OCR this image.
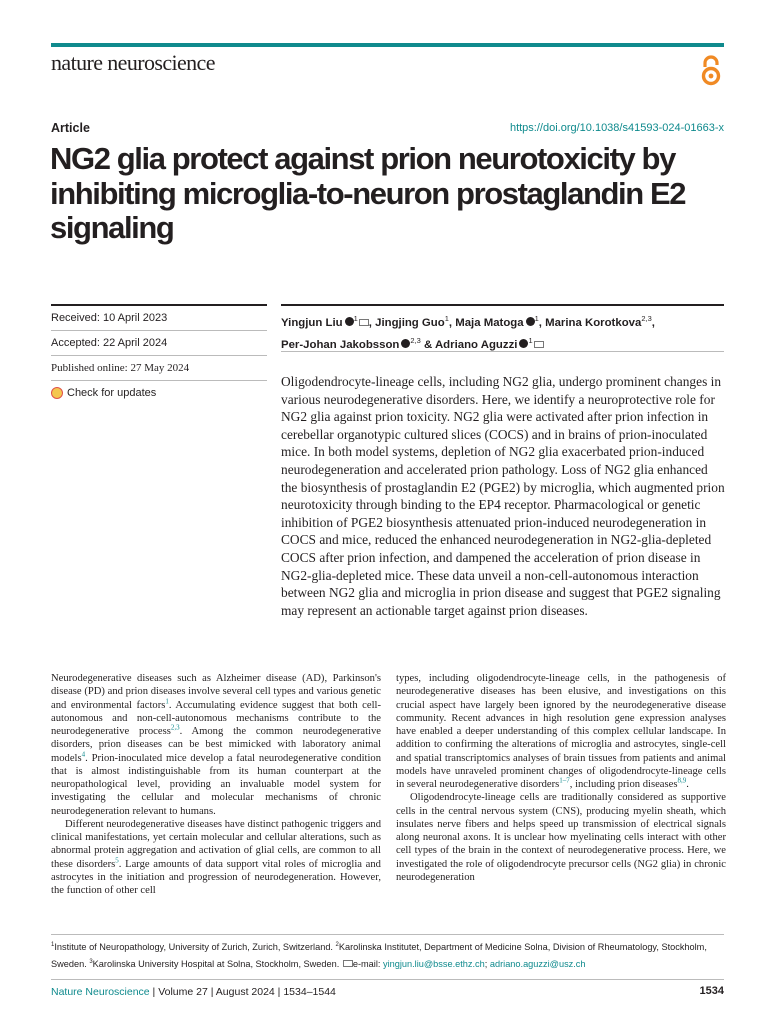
nature neuroscience
Article	https://doi.org/10.1038/s41593-024-01663-x
NG2 glia protect against prion neurotoxicity by inhibiting microglia-to-neuron prostaglandin E2 signaling
Received: 10 April 2023
Accepted: 22 April 2024
Published online: 27 May 2024
Check for updates
Yingjun Liu $^1$ , Jingjing Guo$^1$, Maja Matoga $^1$, Marina Korotkova$^{2,3}$,
Per-Johan Jakobsson $^{2,3}$ & Adriano Aguzzi $^1$
Oligodendrocyte-lineage cells, including NG2 glia, undergo prominent changes in various neurodegenerative disorders. Here, we identify a neuroprotective role for NG2 glia against prion toxicity. NG2 glia were activated after prion infection in cerebellar organotypic cultured slices (COCS) and in brains of prion-inoculated mice. In both model systems, depletion of NG2 glia exacerbated prion-induced neurodegeneration and accelerated prion pathology. Loss of NG2 glia enhanced the biosynthesis of prostaglandin E2 (PGE2) by microglia, which augmented prion neurotoxicity through binding to the EP4 receptor. Pharmacological or genetic inhibition of PGE2 biosynthesis attenuated prion-induced neurodegeneration in COCS and mice, reduced the enhanced neurodegeneration in NG2-glia-depleted COCS after prion infection, and dampened the acceleration of prion disease in NG2-glia-depleted mice. These data unveil a non-cell-autonomous interaction between NG2 glia and microglia in prion disease and suggest that PGE2 signaling may represent an actionable target against prion diseases.

Neurodegenerative diseases such as Alzheimer disease (AD), Parkinson's disease (PD) and prion diseases involve several cell types and various genetic and environmental factors$^1$. Accumulating evidence suggest that both cell-autonomous and non-cell-autonomous mechanisms contribute to the neurodegenerative process$^{2,3}$. Among the common neurodegenerative disorders, prion diseases can be best mimicked with laboratory animal models$^4$. Prion-inoculated mice develop a fatal neurodegenerative condition that is almost indistinguishable from its human counterpart at the neuropathological level, providing an invaluable model system for investigating the cellular and molecular mechanisms of chronic neurodegeneration relevant to humans.

Different neurodegenerative diseases have distinct pathogenic triggers and clinical manifestations, yet certain molecular and cellular alterations, such as abnormal protein aggregation and activation of glial cells, are common to all these disorders$^5$. Large amounts of data support vital roles of microglia and astrocytes in the initiation and progression of neurodegeneration. However, the function of other cell

types, including oligodendrocyte-lineage cells, in the pathogenesis of neurodegenerative diseases has been elusive, and investigations on this crucial aspect have largely been ignored by the neurodegenerative disease community. Recent advances in high resolution gene expression analyses have enabled a deeper understanding of this complex cellular landscape. In addition to confirming the alterations of microglia and astrocytes, single-cell and spatial transcriptomics analyses of brain tissues from patients and animal models have unraveled prominent changes of oligodendrocyte-lineage cells in several neurodegenerative disorders$^{1-7}$, including prion diseases$^{8,9}$.

Oligodendrocyte-lineage cells are traditionally considered as supportive cells in the central nervous system (CNS), producing myelin sheath, which insulates nerve fibers and helps speed up transmission of electrical signals along neuronal axons. It is unclear how myelinating cells interact with other cell types of the brain in the context of neurodegenerative process. Here, we investigated the role of oligodendrocyte precursor cells (NG2 glia) in chronic neurodegeneration

$^1$Institute of Neuropathology, University of Zurich, Zurich, Switzerland. $^2$Karolinska Institutet, Department of Medicine Solna, Division of Rheumatology, Stockholm, Sweden. $^3$Karolinska University Hospital at Solna, Stockholm, Sweden. e-mail: yingjun.liu@bsse.ethz.ch; adriano.aguzzi@usz.ch
Nature Neuroscience | Volume 27 | August 2024 | 1534–1544	1534
